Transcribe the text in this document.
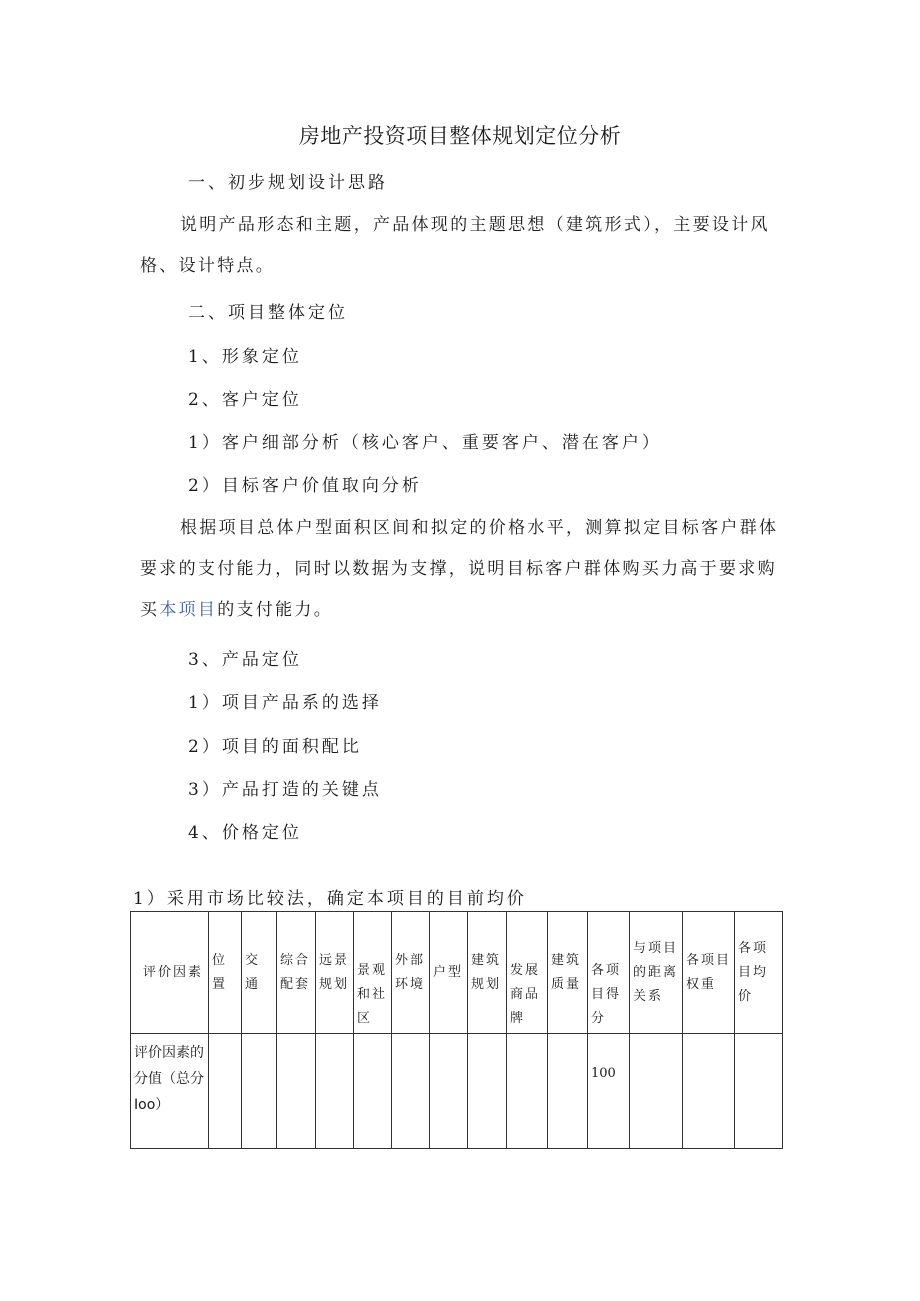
房地产投资项目整体规划定位分析
一、初步规划设计思路
说明产品形态和主题，产品体现的主题思想（建筑形式），主要设计风格、设计特点。
二、项目整体定位
1、形象定位
2、客户定位
1）客户细部分析（核心客户、重要客户、潜在客户）
2）目标客户价值取向分析
根据项目总体户型面积区间和拟定的价格水平，测算拟定目标客户群体要求的支付能力，同时以数据为支撑，说明目标客户群体购买力高于要求购买本项目的支付能力。
3、产品定位
1）项目产品系的选择
2）项目的面积配比
3）产品打造的关键点
4、价格定位
1）采用市场比较法，确定本项目的目前均价
评价因素	位置	交通	综合配套	远景规划	景观和社区	外部环境	户型	建筑规划	发展商品牌	建筑质量	各项目得分	与项目的距离关系	各项目权重	各项目均价
评价因素的分值（总分Ioo）											100			
